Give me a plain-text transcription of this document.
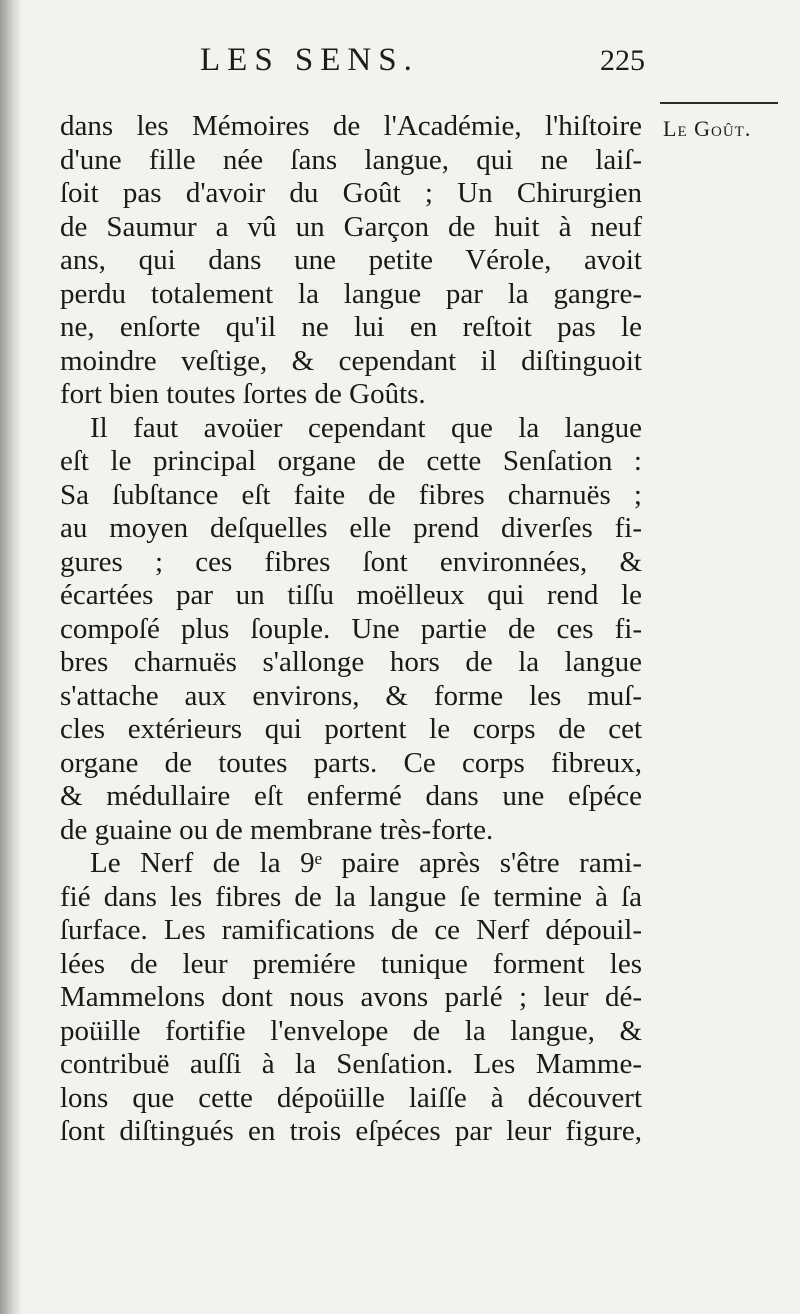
LES SENS.	225
Le Goût.
dans les Mémoires de l'Académie, l'hiſtoire
d'une fille née ſans langue, qui ne laiſ-
ſoit pas d'avoir du Goût ; Un Chirurgien
de Saumur a vû un Garçon de huit à neuf
ans, qui dans une petite Vérole, avoit
perdu totalement la langue par la gangre-
ne, enſorte qu'il ne lui en reſtoit pas le
moindre veſtige, & cependant il diſtinguoit
fort bien toutes ſortes de Goûts.
Il faut avoüer cependant que la langue
eſt le principal organe de cette Senſation :
Sa ſubſtance eſt faite de fibres charnuës ;
au moyen deſquelles elle prend diverſes fi-
gures ; ces fibres ſont environnées, &
écartées par un tiſſu moëlleux qui rend le
compoſé plus ſouple. Une partie de ces fi-
bres charnuës s'allonge hors de la langue
s'attache aux environs, & forme les muſ-
cles extérieurs qui portent le corps de cet
organe de toutes parts. Ce corps fibreux,
& médullaire eſt enfermé dans une eſpéce
de guaine ou de membrane très-forte.
Le Nerf de la 9ᵉ paire après s'être rami-
fié dans les fibres de la langue ſe termine à ſa
ſurface. Les ramifications de ce Nerf dépouil-
lées de leur premiére tunique forment les
Mammelons dont nous avons parlé ; leur dé-
poüille fortifie l'envelope de la langue, &
contribuë auſſi à la Senſation. Les Mamme-
lons que cette dépoüille laiſſe à découvert
ſont diſtingués en trois eſpéces par leur figure,
